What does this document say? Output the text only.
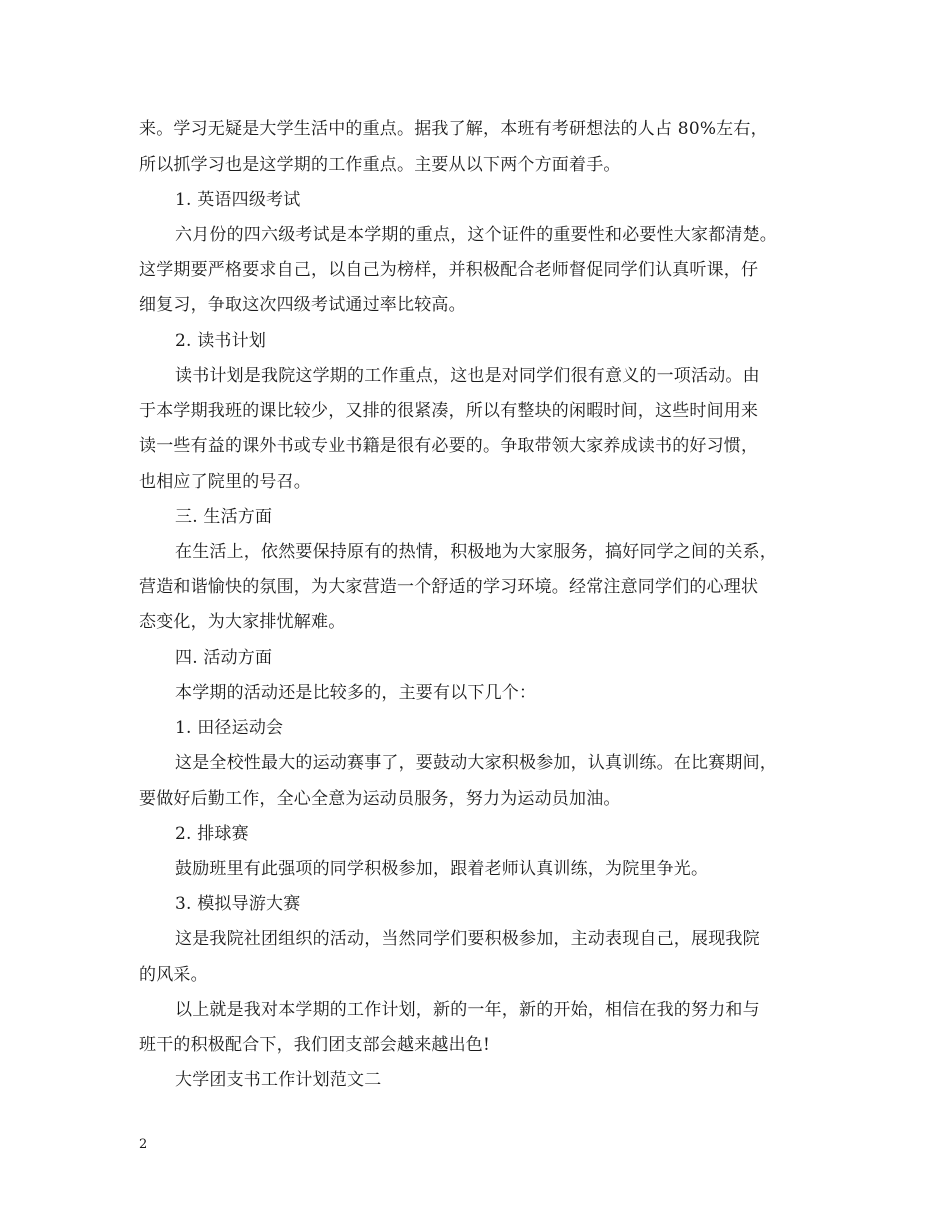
来。学习无疑是大学生活中的重点。据我了解，本班有考研想法的人占 80%左右，
所以抓学习也是这学期的工作重点。主要从以下两个方面着手。
1. 英语四级考试
六月份的四六级考试是本学期的重点，这个证件的重要性和必要性大家都清楚。
这学期要严格要求自己，以自己为榜样，并积极配合老师督促同学们认真听课，仔
细复习，争取这次四级考试通过率比较高。
2. 读书计划
读书计划是我院这学期的工作重点，这也是对同学们很有意义的一项活动。由
于本学期我班的课比较少，又排的很紧凑，所以有整块的闲暇时间，这些时间用来
读一些有益的课外书或专业书籍是很有必要的。争取带领大家养成读书的好习惯，
也相应了院里的号召。
三. 生活方面
在生活上，依然要保持原有的热情，积极地为大家服务，搞好同学之间的关系，
营造和谐愉快的氛围，为大家营造一个舒适的学习环境。经常注意同学们的心理状
态变化，为大家排忧解难。
四. 活动方面
本学期的活动还是比较多的，主要有以下几个：
1. 田径运动会
这是全校性最大的运动赛事了，要鼓动大家积极参加，认真训练。在比赛期间，
要做好后勤工作，全心全意为运动员服务，努力为运动员加油。
2. 排球赛
鼓励班里有此强项的同学积极参加，跟着老师认真训练，为院里争光。
3. 模拟导游大赛
这是我院社团组织的活动，当然同学们要积极参加，主动表现自己，展现我院
的风采。
以上就是我对本学期的工作计划，新的一年，新的开始，相信在我的努力和与
班干的积极配合下，我们团支部会越来越出色!
大学团支书工作计划范文二
2
